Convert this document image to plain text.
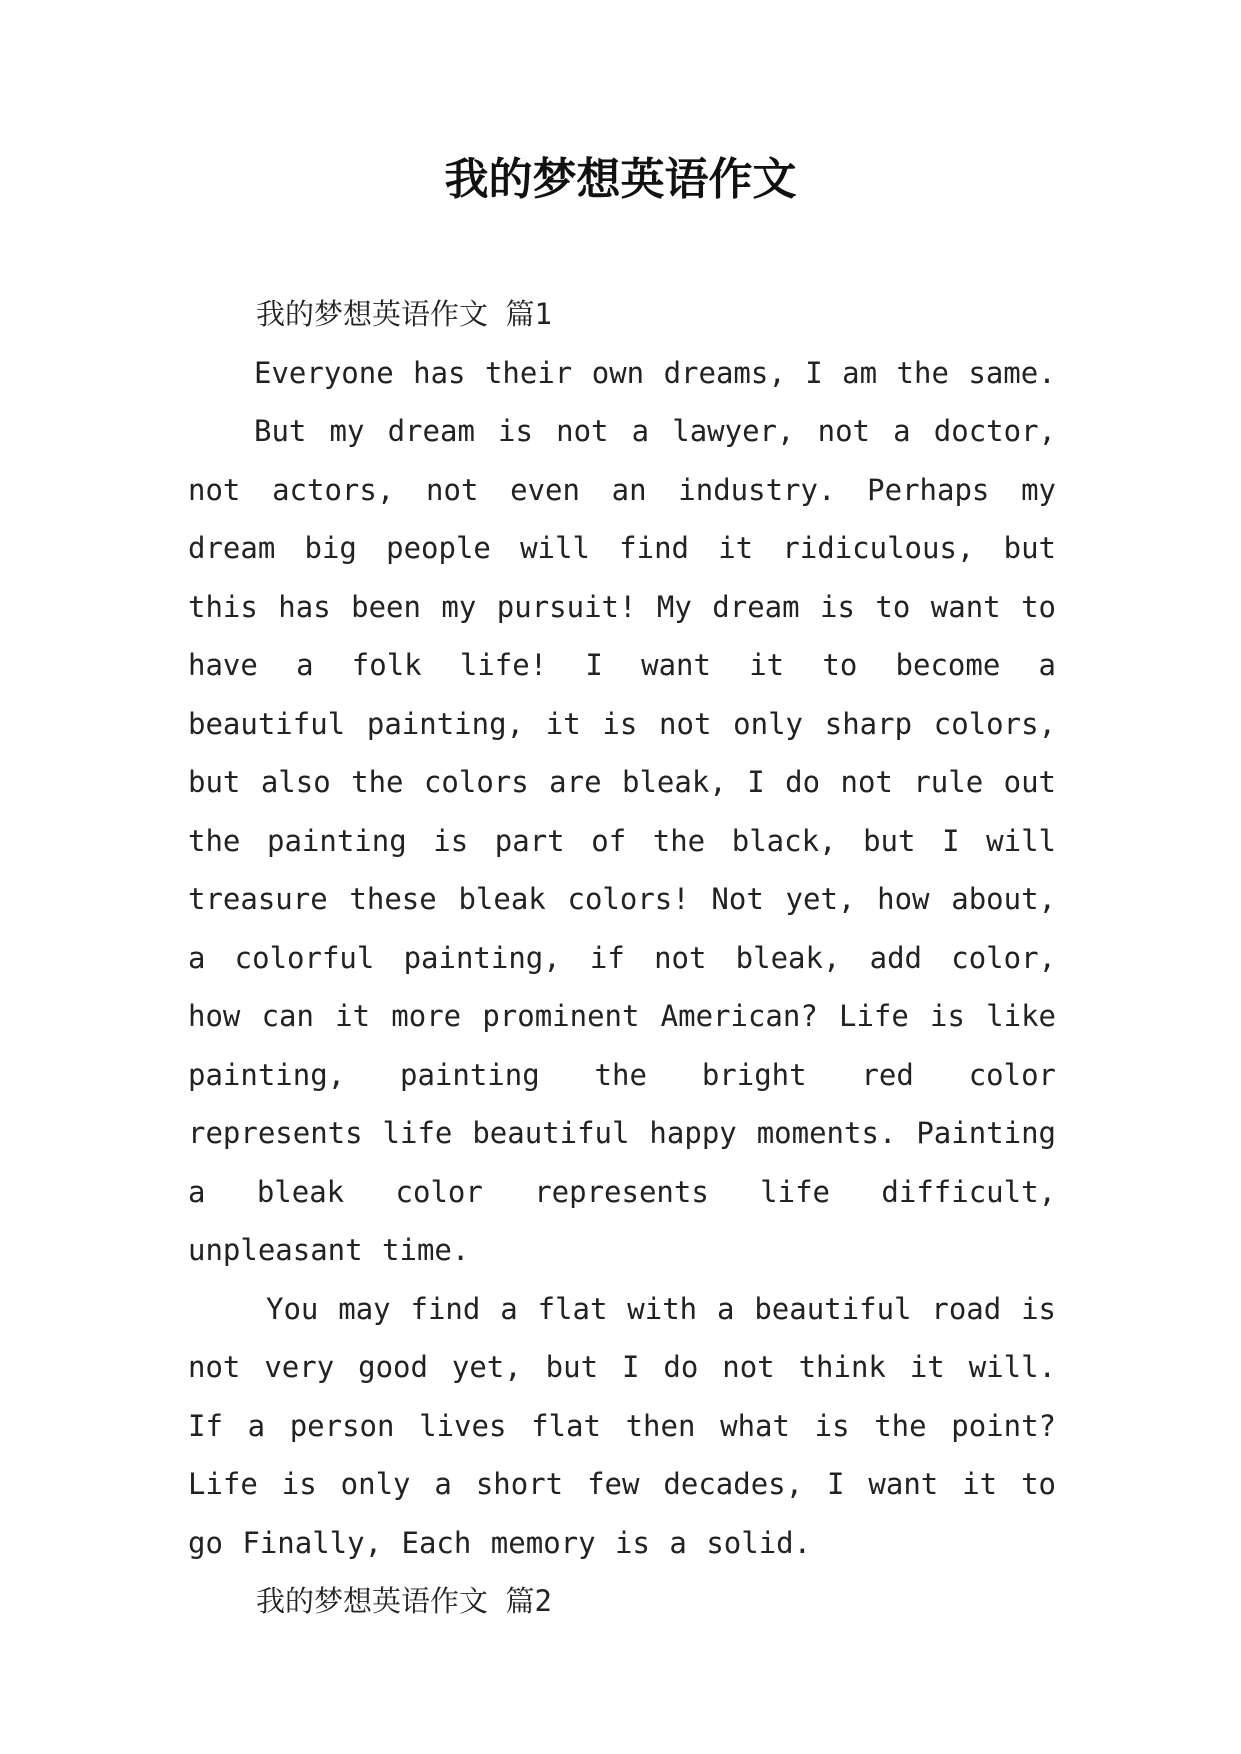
我的梦想英语作文

我的梦想英语作文 篇1

Everyone has their own dreams, I am the same.

But my dream is not a lawyer, not a doctor, not actors, not even an industry. Perhaps my dream big people will find it ridiculous, but this has been my pursuit! My dream is to want to have a folk life! I want it to become a beautiful painting, it is not only sharp colors, but also the colors are bleak, I do not rule out the painting is part of the black, but I will treasure these bleak colors! Not yet, how about, a colorful painting, if not bleak, add color, how can it more prominent American? Life is like painting, painting the bright red color represents life beautiful happy moments. Painting a bleak color represents life difficult, unpleasant time.

You may find a flat with a beautiful road is not very good yet, but I do not think it will. If a person lives flat then what is the point? Life is only a short few decades, I want it to go Finally, Each memory is a solid.

我的梦想英语作文 篇2
